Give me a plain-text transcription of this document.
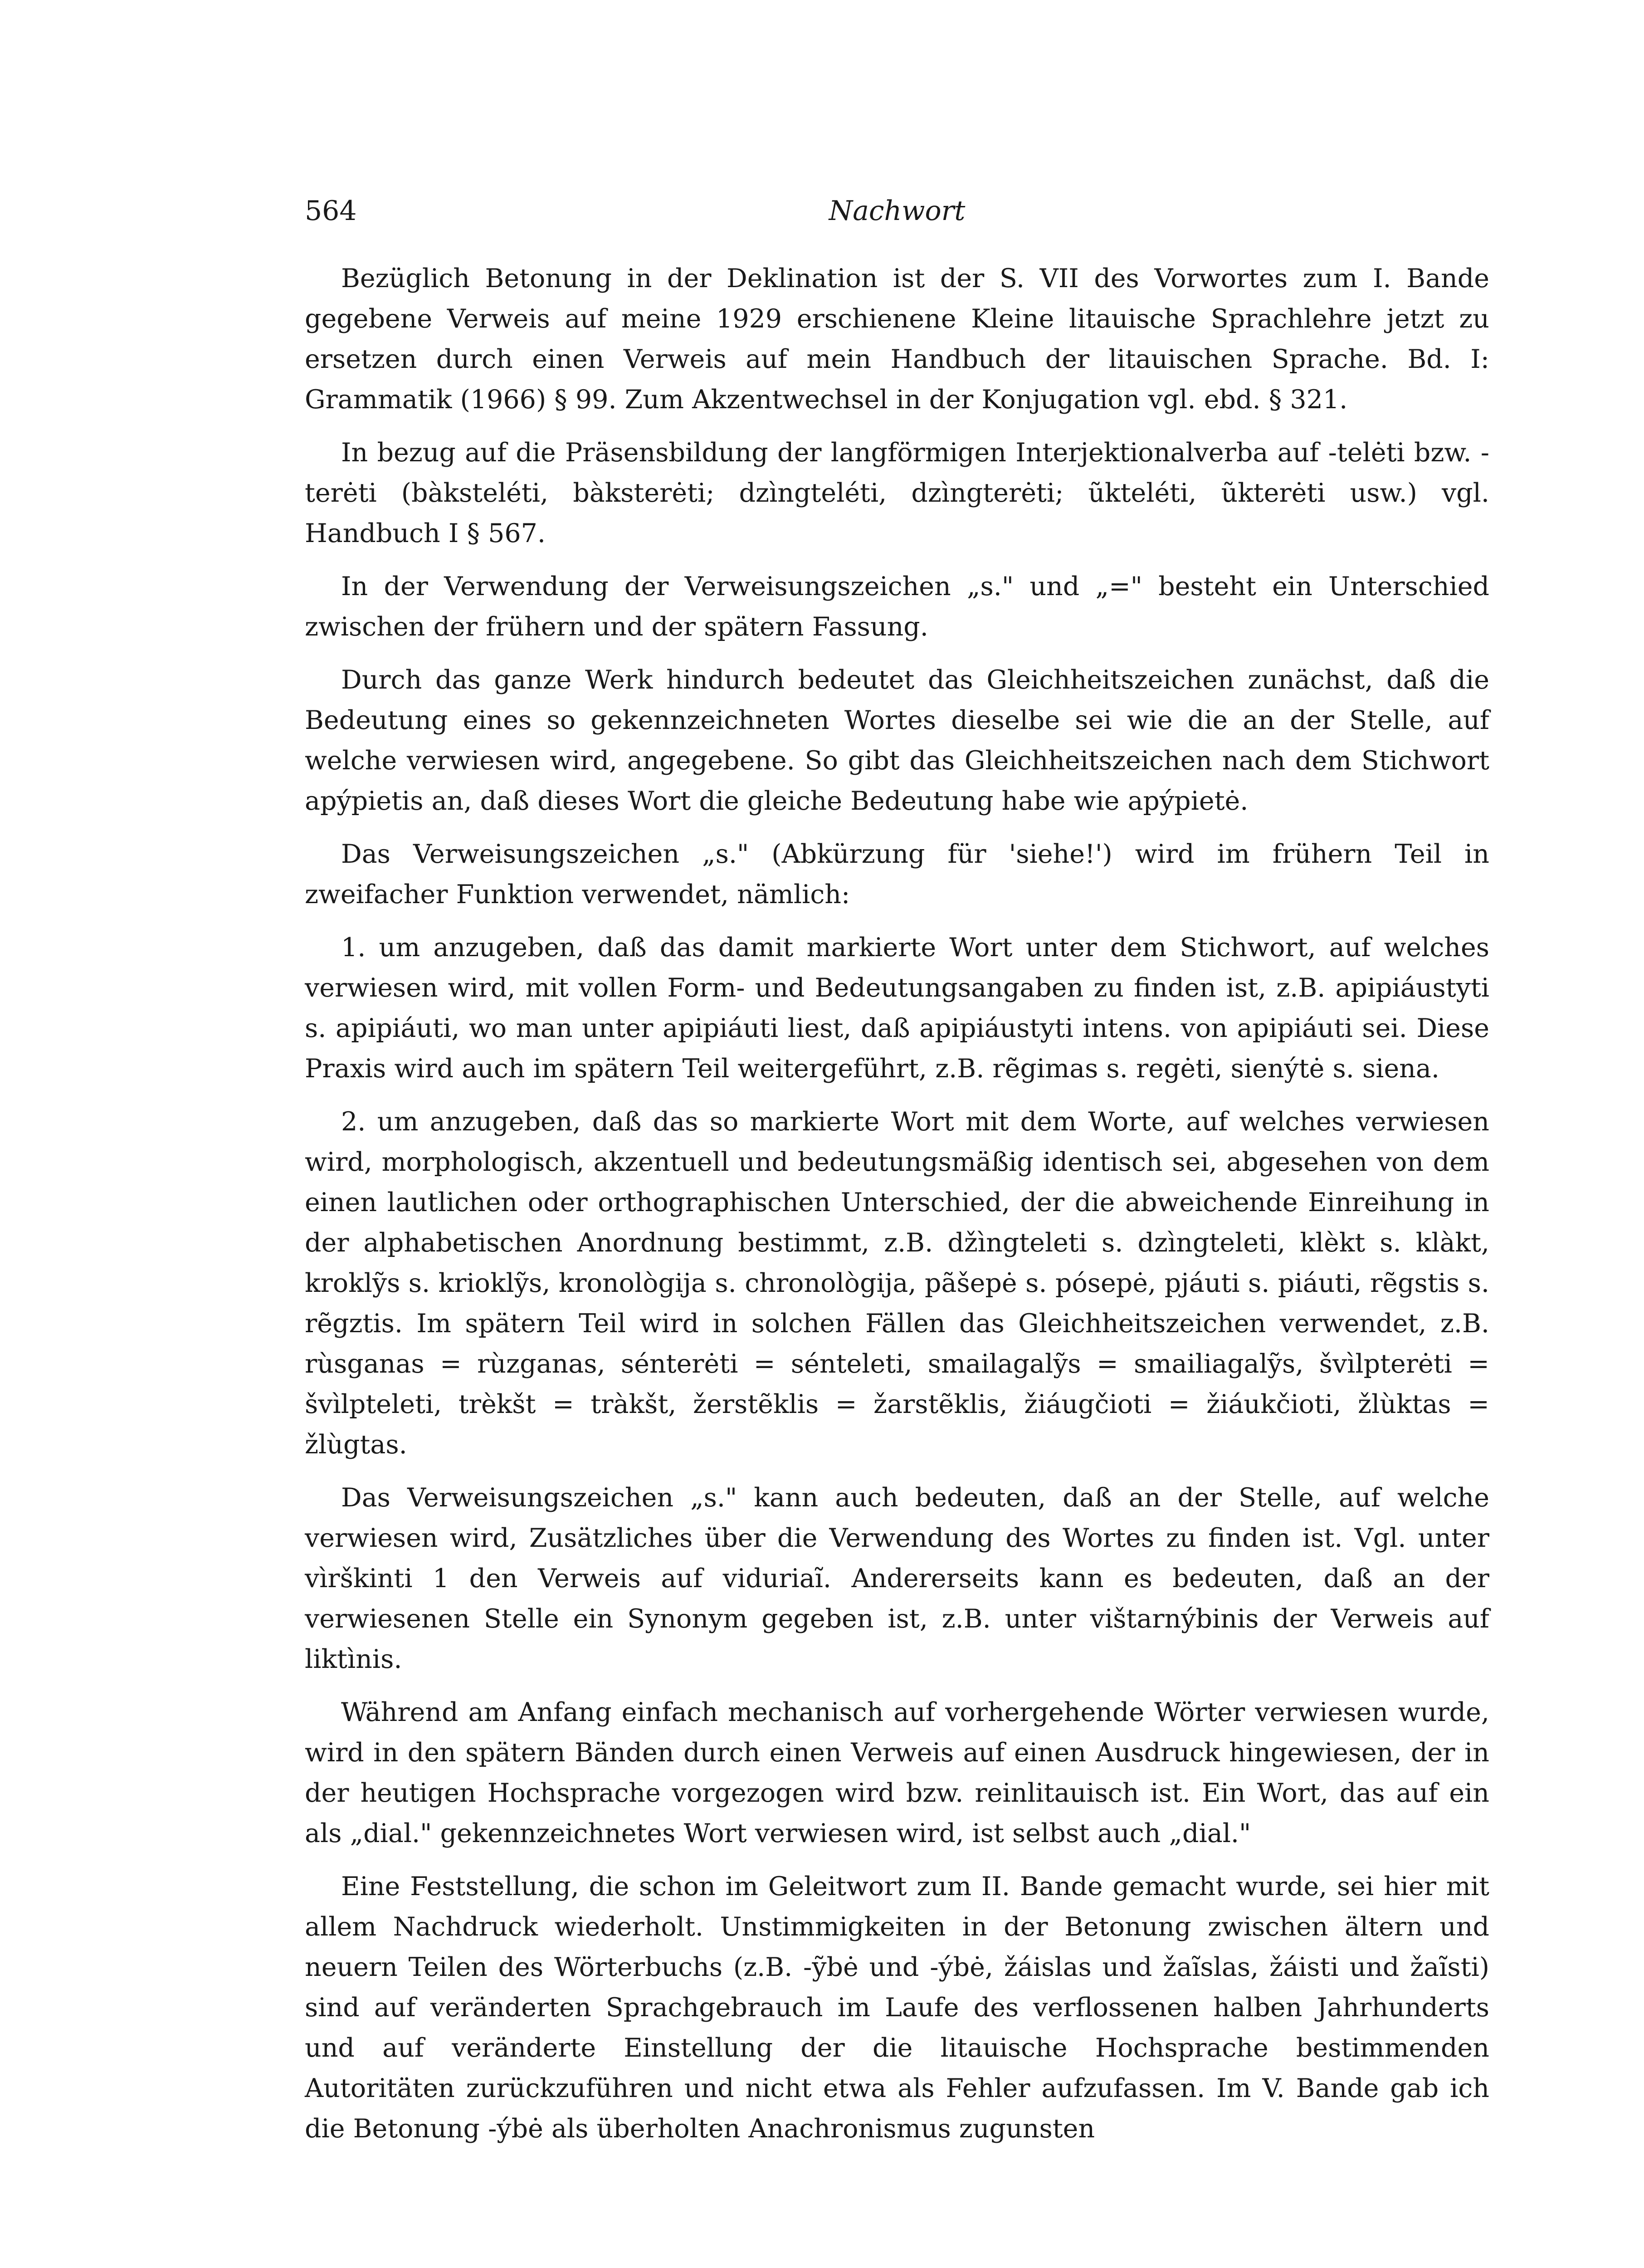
564	Nachwort

Bezüglich Betonung in der Deklination ist der S. VII des Vorwortes zum I. Bande gegebene Verweis auf meine 1929 erschienene Kleine litauische Sprachlehre jetzt zu ersetzen durch einen Verweis auf mein Handbuch der litauischen Sprache. Bd. I: Grammatik (1966) § 99. Zum Akzentwechsel in der Konjugation vgl. ebd. § 321.

In bezug auf die Präsensbildung der langförmigen Interjektionalverba auf -telėti bzw. -terėti (bàksteléti, bàksterėti; dzìngteléti, dzìngterėti; ũkteléti, ũkterėti usw.) vgl. Handbuch I § 567.

In der Verwendung der Verweisungszeichen „s." und „=" besteht ein Unterschied zwischen der frühern und der spätern Fassung.

Durch das ganze Werk hindurch bedeutet das Gleichheitszeichen zunächst, daß die Bedeutung eines so gekennzeichneten Wortes dieselbe sei wie die an der Stelle, auf welche verwiesen wird, angegebene. So gibt das Gleichheitszeichen nach dem Stichwort apýpietis an, daß dieses Wort die gleiche Bedeutung habe wie apýpietė.

Das Verweisungszeichen „s." (Abkürzung für 'siehe!') wird im frühern Teil in zweifacher Funktion verwendet, nämlich:

1. um anzugeben, daß das damit markierte Wort unter dem Stichwort, auf welches verwiesen wird, mit vollen Form- und Bedeutungsangaben zu finden ist, z.B. apipiáustyti s. apipiáuti, wo man unter apipiáuti liest, daß apipiáustyti intens. von apipiáuti sei. Diese Praxis wird auch im spätern Teil weitergeführt, z.B. rẽgimas s. regėti, sienýtė s. siena.

2. um anzugeben, daß das so markierte Wort mit dem Worte, auf welches verwiesen wird, morphologisch, akzentuell und bedeutungsmäßig identisch sei, abgesehen von dem einen lautlichen oder orthographischen Unterschied, der die abweichende Einreihung in der alphabetischen Anordnung bestimmt, z.B. džìngteleti s. dzìngteleti, klèkt s. klàkt, kroklỹs s. krioklỹs, kronològija s. chronològija, pãšepė s. pósepė, pjáuti s. piáuti, rẽgstis s. rẽgztis. Im spätern Teil wird in solchen Fällen das Gleichheitszeichen verwendet, z.B. rùsganas = rùzganas, sénterėti = sénteleti, smailagalỹs = smailiagalỹs, švìlpterėti = švìlpteleti, trèkšt = tràkšt, žerstẽklis = žarstẽklis, žiáugčioti = žiáukčioti, žlùktas = žlùgtas.

Das Verweisungszeichen „s." kann auch bedeuten, daß an der Stelle, auf welche verwiesen wird, Zusätzliches über die Verwendung des Wortes zu finden ist. Vgl. unter vìrškinti 1 den Verweis auf viduriaĩ. Andererseits kann es bedeuten, daß an der verwiesenen Stelle ein Synonym gegeben ist, z.B. unter vištarnýbinis der Verweis auf liktìnis.

Während am Anfang einfach mechanisch auf vorhergehende Wörter verwiesen wurde, wird in den spätern Bänden durch einen Verweis auf einen Ausdruck hingewiesen, der in der heutigen Hochsprache vorgezogen wird bzw. reinlitauisch ist. Ein Wort, das auf ein als „dial." gekennzeichnetes Wort verwiesen wird, ist selbst auch „dial."

Eine Feststellung, die schon im Geleitwort zum II. Bande gemacht wurde, sei hier mit allem Nachdruck wiederholt. Unstimmigkeiten in der Betonung zwischen ältern und neuern Teilen des Wörterbuchs (z.B. -ỹbė und -ýbė, žáislas und žaĩslas, žáisti und žaĩsti) sind auf veränderten Sprachgebrauch im Laufe des verflossenen halben Jahrhunderts und auf veränderte Einstellung der die litauische Hochsprache bestimmenden Autoritäten zurückzuführen und nicht etwa als Fehler aufzufassen. Im V. Bande gab ich die Betonung -ýbė als überholten Anachronismus zugunsten
